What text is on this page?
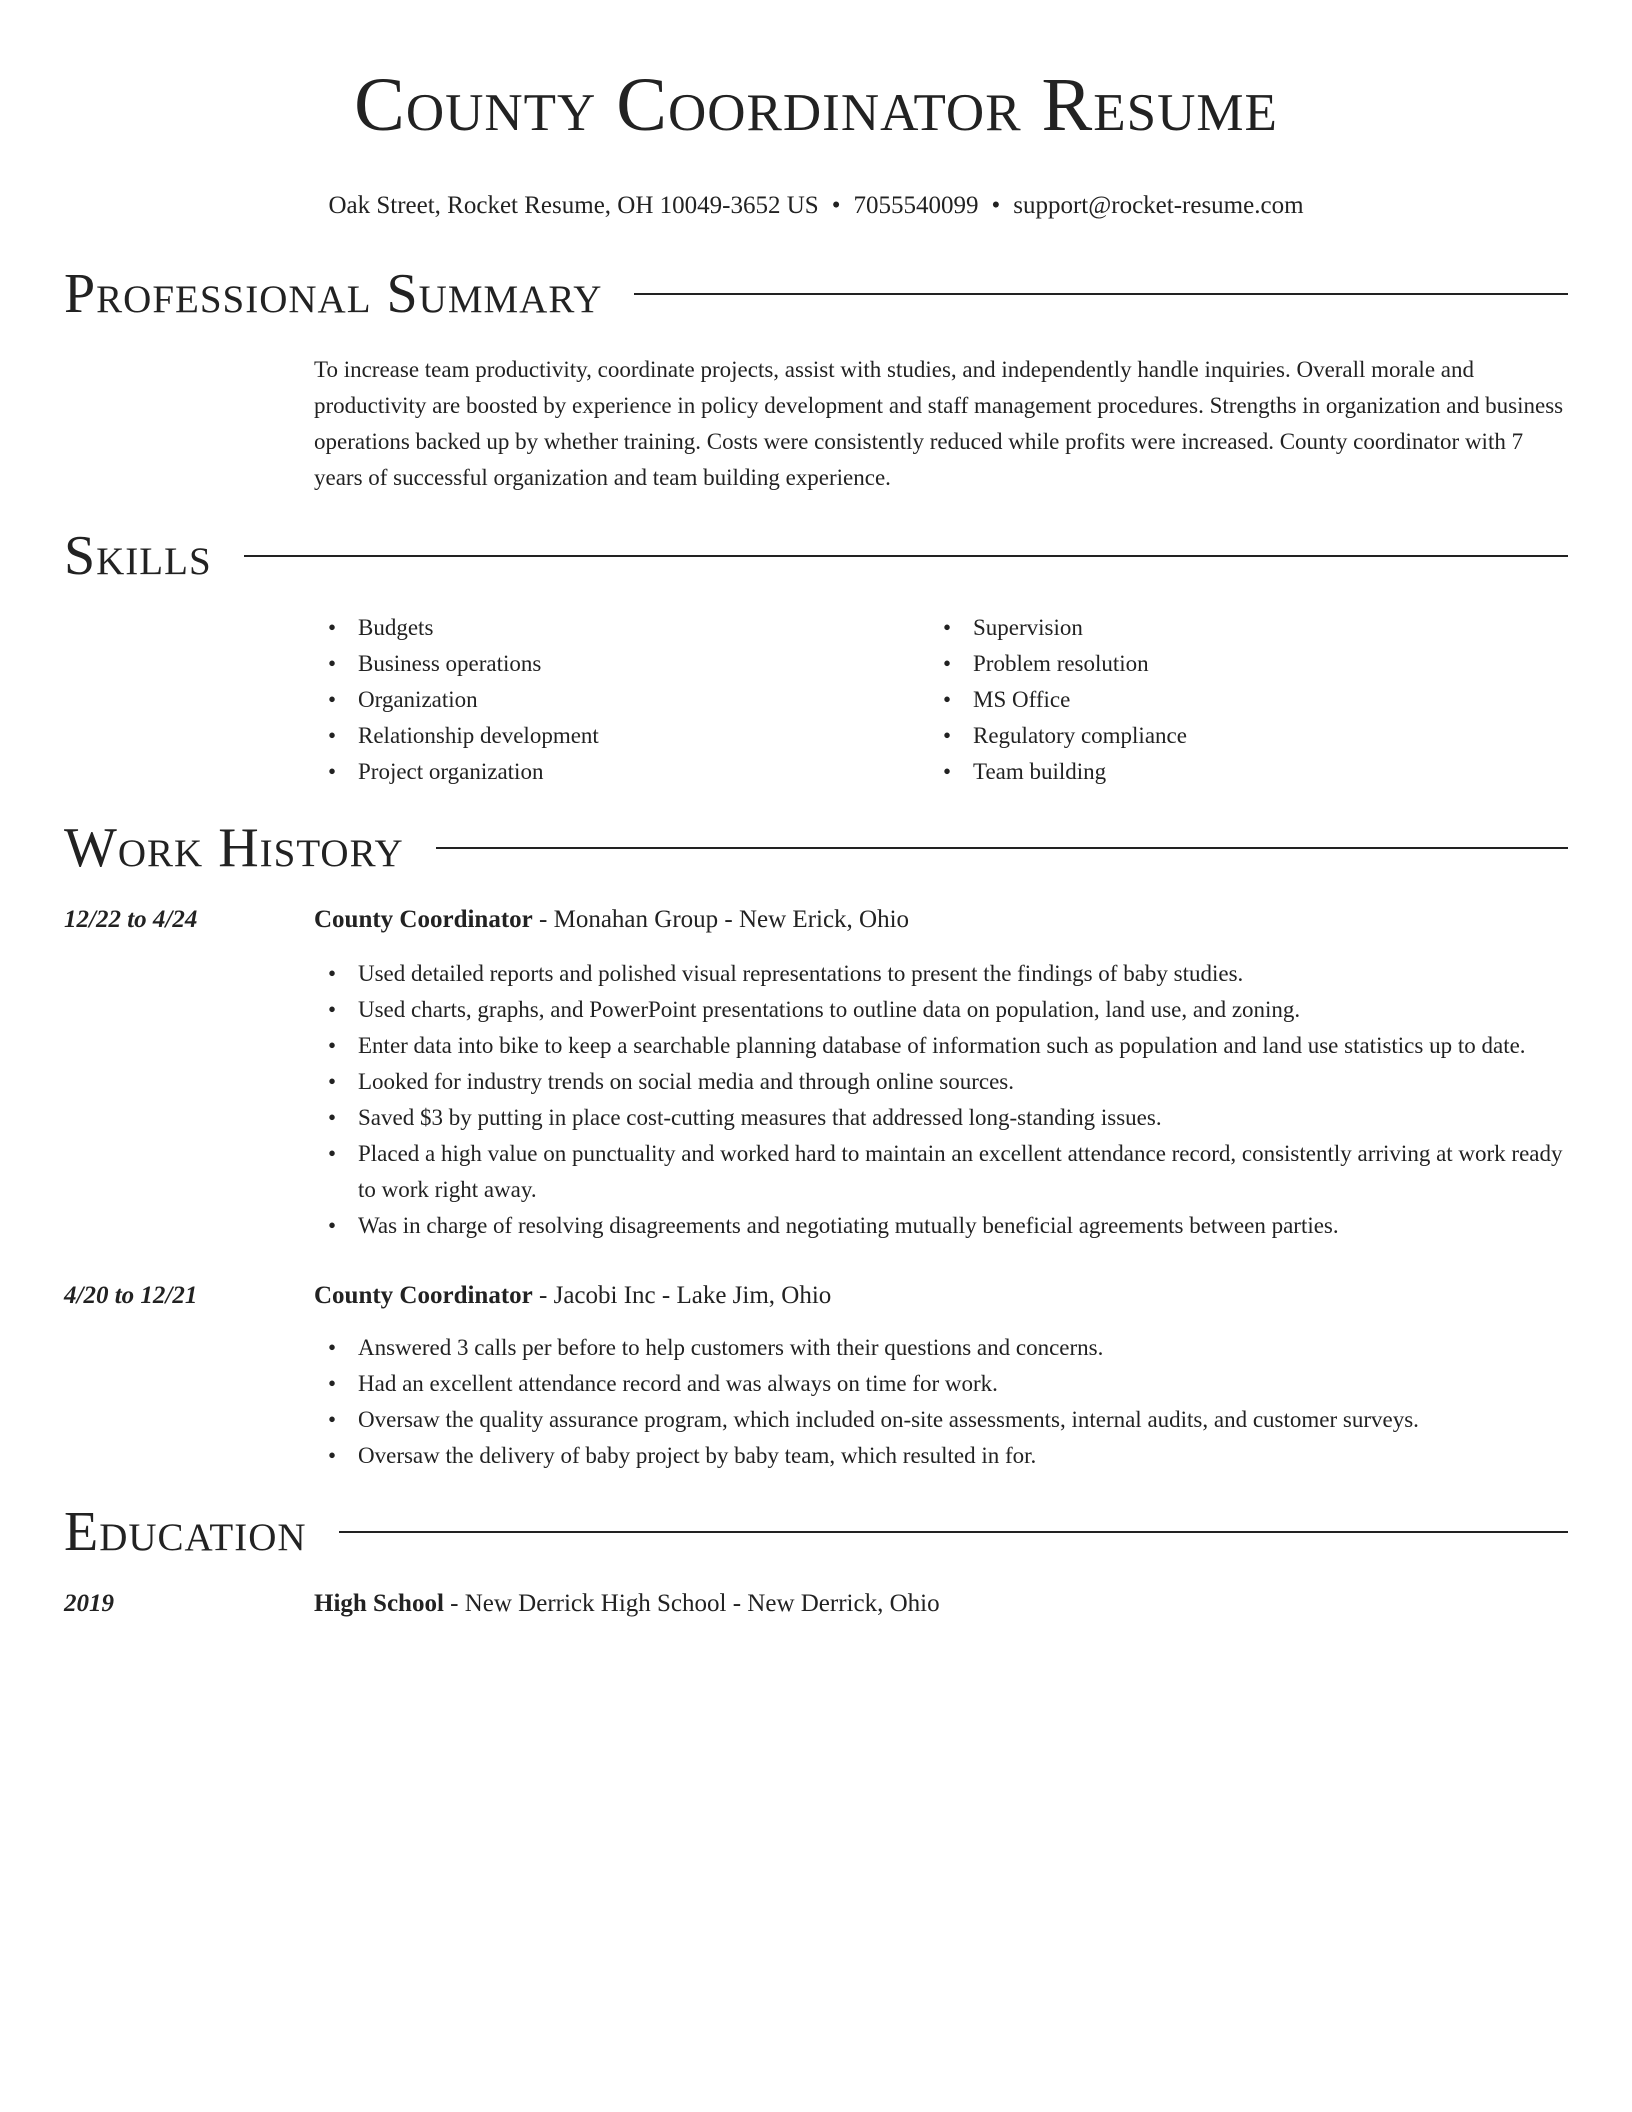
County Coordinator Resume
Oak Street, Rocket Resume, OH 10049-3652 US • 7055540099 • support@rocket-resume.com
Professional Summary

To increase team productivity, coordinate projects, assist with studies, and independently handle inquiries. Overall morale and productivity are boosted by experience in policy development and staff management procedures. Strengths in organization and business operations backed up by whether training. Costs were consistently reduced while profits were increased. County coordinator with 7 years of successful organization and team building experience.

Skills
• Budgets
• Business operations
• Organization
• Relationship development
• Project organization
• Supervision
• Problem resolution
• MS Office
• Regulatory compliance
• Team building
Work History
12/22 to 4/24	County Coordinator - Monahan Group - New Erick, Ohio
• Used detailed reports and polished visual representations to present the findings of baby studies.
• Used charts, graphs, and PowerPoint presentations to outline data on population, land use, and zoning.
• Enter data into bike to keep a searchable planning database of information such as population and land use statistics up to date.
• Looked for industry trends on social media and through online sources.
• Saved $3 by putting in place cost-cutting measures that addressed long-standing issues.
• Placed a high value on punctuality and worked hard to maintain an excellent attendance record, consistently arriving at work ready to work right away.
• Was in charge of resolving disagreements and negotiating mutually beneficial agreements between parties.
4/20 to 12/21	County Coordinator - Jacobi Inc - Lake Jim, Ohio
• Answered 3 calls per before to help customers with their questions and concerns.
• Had an excellent attendance record and was always on time for work.
• Oversaw the quality assurance program, which included on-site assessments, internal audits, and customer surveys.
• Oversaw the delivery of baby project by baby team, which resulted in for.
Education
2019	High School - New Derrick High School - New Derrick, Ohio
